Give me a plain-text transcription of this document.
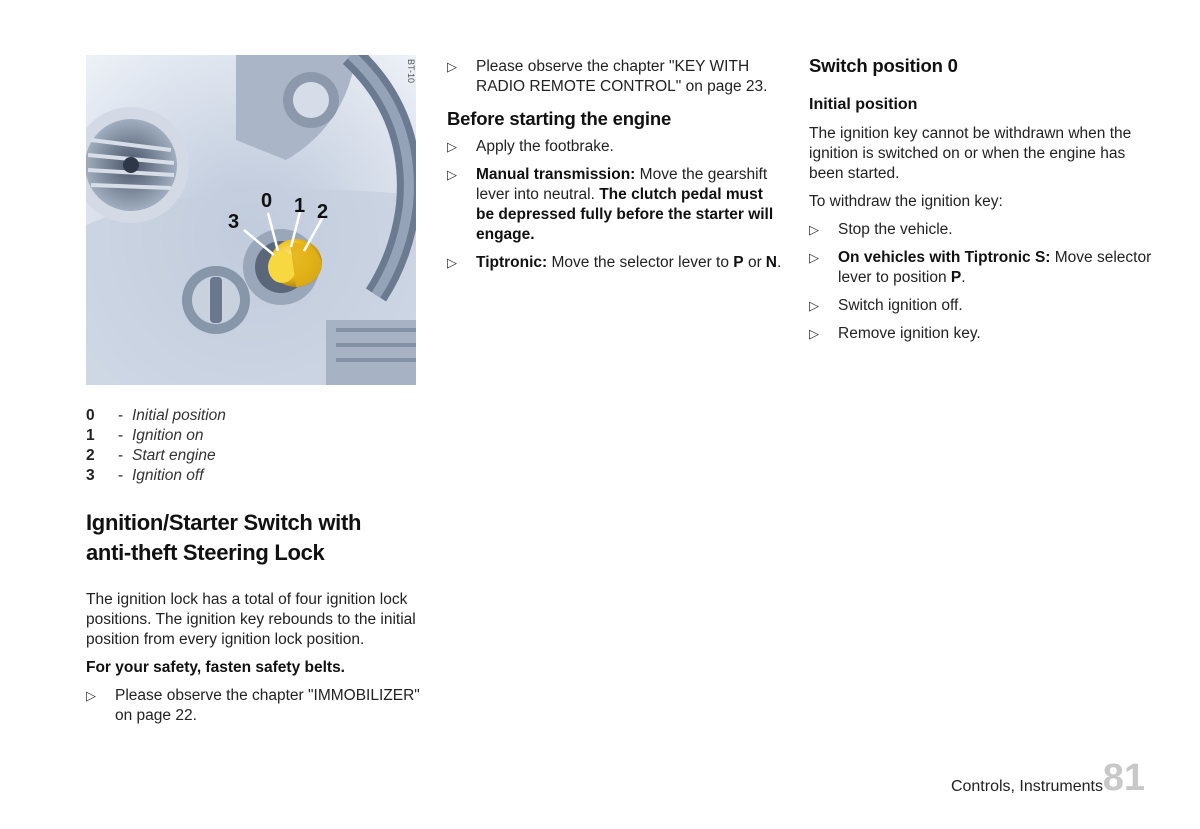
3
0 1 2
BT-10
0	- Initial position
1	- Ignition on
2	- Start engine
3	- Ignition off
Ignition/Starter Switch with
anti-theft Steering Lock

The ignition lock has a total of four ignition lock positions. The ignition key rebounds to the initial position from every ignition lock position.

For your safety, fasten safety belts.

▷ Please observe the chapter "IMMOBILIZER" on page 22.
▷ Please observe the chapter "KEY WITH RADIO REMOTE CONTROL" on page 23.
Before starting the engine
▷ Apply the footbrake.
▷ Manual transmission: Move the gearshift lever into neutral. The clutch pedal must be depressed fully before the starter will engage.
▷ Tiptronic: Move the selector lever to P or N.
Switch position 0
Initial position

The ignition key cannot be withdrawn when the ignition is switched on or when the engine has been started.

To withdraw the ignition key:

▷ Stop the vehicle.
▷ On vehicles with Tiptronic S: Move selector lever to position P.
▷ Switch ignition off.
▷ Remove ignition key.
Controls, Instruments 81
